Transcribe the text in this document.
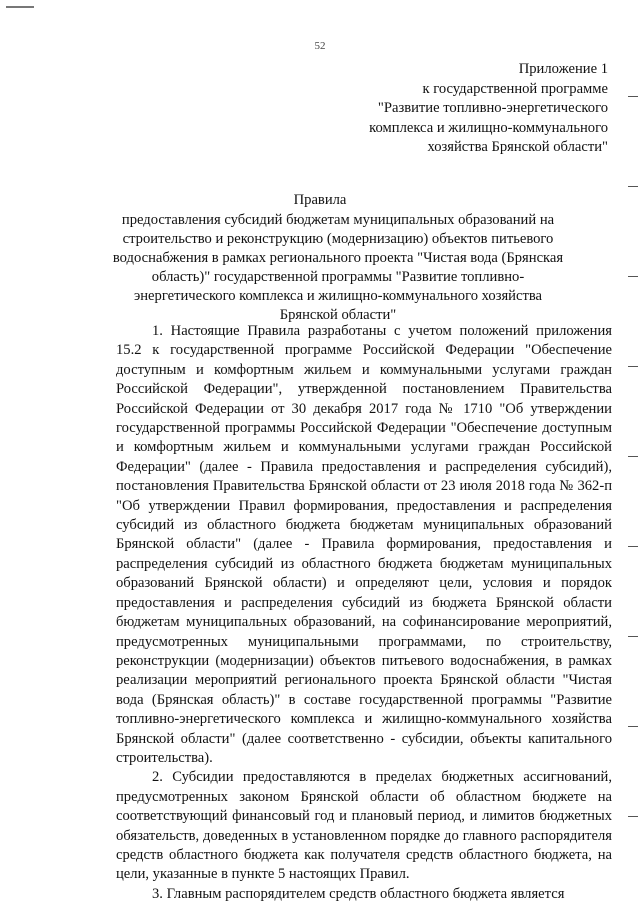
52
Приложение 1
к государственной программе
"Развитие топливно-энергетического
комплекса и жилищно-коммунального
хозяйства Брянской области"
Правила
предоставления субсидий бюджетам муниципальных образований на строительство и реконструкцию (модернизацию) объектов питьевого водоснабжения в рамках регионального проекта "Чистая вода (Брянская область)" государственной программы "Развитие топливно-энергетического комплекса и жилищно-коммунального хозяйства Брянской области"

1. Настоящие Правила разработаны с учетом положений приложения 15.2 к государственной программе Российской Федерации "Обеспечение доступным и комфортным жильем и коммунальными услугами граждан Российской Федерации", утвержденной постановлением Правительства Российской Федерации от 30 декабря 2017 года № 1710 "Об утверждении государственной программы Российской Федерации "Обеспечение доступным и комфортным жильем и коммунальными услугами граждан Российской Федерации" (далее - Правила предоставления и распределения субсидий), постановления Правительства Брянской области от 23 июля 2018 года № 362-п "Об утверждении Правил формирования, предоставления и распределения субсидий из областного бюджета бюджетам муниципальных образований Брянской области" (далее - Правила формирования, предоставления и распределения субсидий из областного бюджета бюджетам муниципальных образований Брянской области) и определяют цели, условия и порядок предоставления и распределения субсидий из бюджета Брянской области бюджетам муниципальных образований, на софинансирование мероприятий, предусмотренных муниципальными программами, по строительству, реконструкции (модернизации) объектов питьевого водоснабжения, в рамках реализации мероприятий регионального проекта Брянской области "Чистая вода (Брянская область)" в составе государственной программы "Развитие топливно-энергетического комплекса и жилищно-коммунального хозяйства Брянской области" (далее соответственно - субсидии, объекты капитального строительства).

2. Субсидии предоставляются в пределах бюджетных ассигнований, предусмотренных законом Брянской области об областном бюджете на соответствующий финансовый год и плановый период, и лимитов бюджетных обязательств, доведенных в установленном порядке до главного распорядителя средств областного бюджета как получателя средств областного бюджета, на цели, указанные в пункте 5 настоящих Правил.

3. Главным распорядителем средств областного бюджета является
